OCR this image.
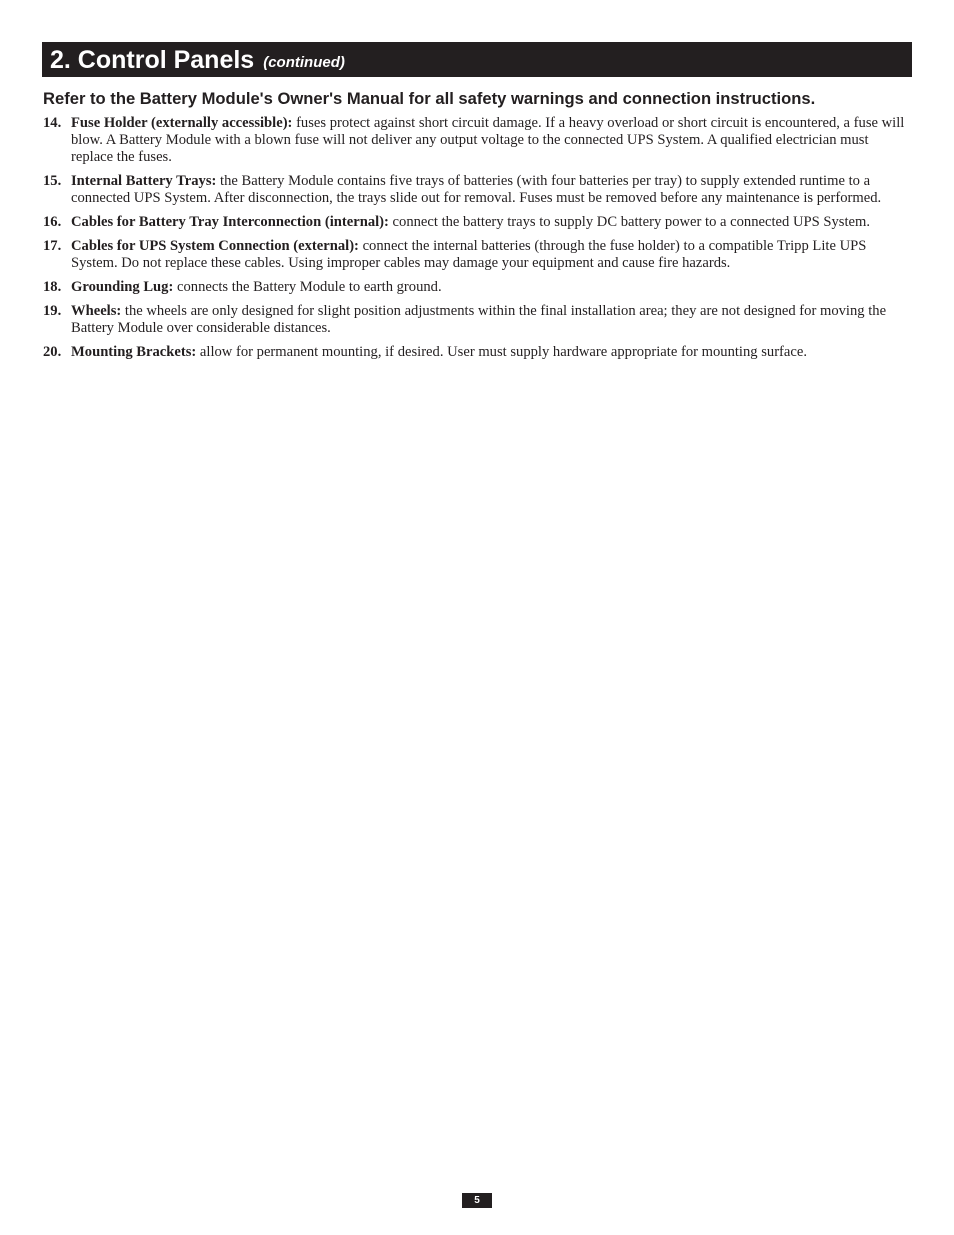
2. Control Panels (continued)
Refer to the Battery Module's Owner's Manual for all safety warnings and connection instructions.
14. Fuse Holder (externally accessible): fuses protect against short circuit damage. If a heavy overload or short circuit is encountered, a fuse will blow. A Battery Module with a blown fuse will not deliver any output voltage to the connected UPS System. A qualified electrician must replace the fuses.
15. Internal Battery Trays: the Battery Module contains five trays of batteries (with four batteries per tray) to supply extended runtime to a connected UPS System. After disconnection, the trays slide out for removal. Fuses must be removed before any maintenance is performed.
16. Cables for Battery Tray Interconnection (internal): connect the battery trays to supply DC battery power to a connected UPS System.
17. Cables for UPS System Connection (external): connect the internal batteries (through the fuse holder) to a compatible Tripp Lite UPS System. Do not replace these cables. Using improper cables may damage your equipment and cause fire hazards.
18. Grounding Lug: connects the Battery Module to earth ground.
19. Wheels: the wheels are only designed for slight position adjustments within the final installation area; they are not designed for moving the Battery Module over considerable distances.
20. Mounting Brackets: allow for permanent mounting, if desired. User must supply hardware appropriate for mounting surface.
5
